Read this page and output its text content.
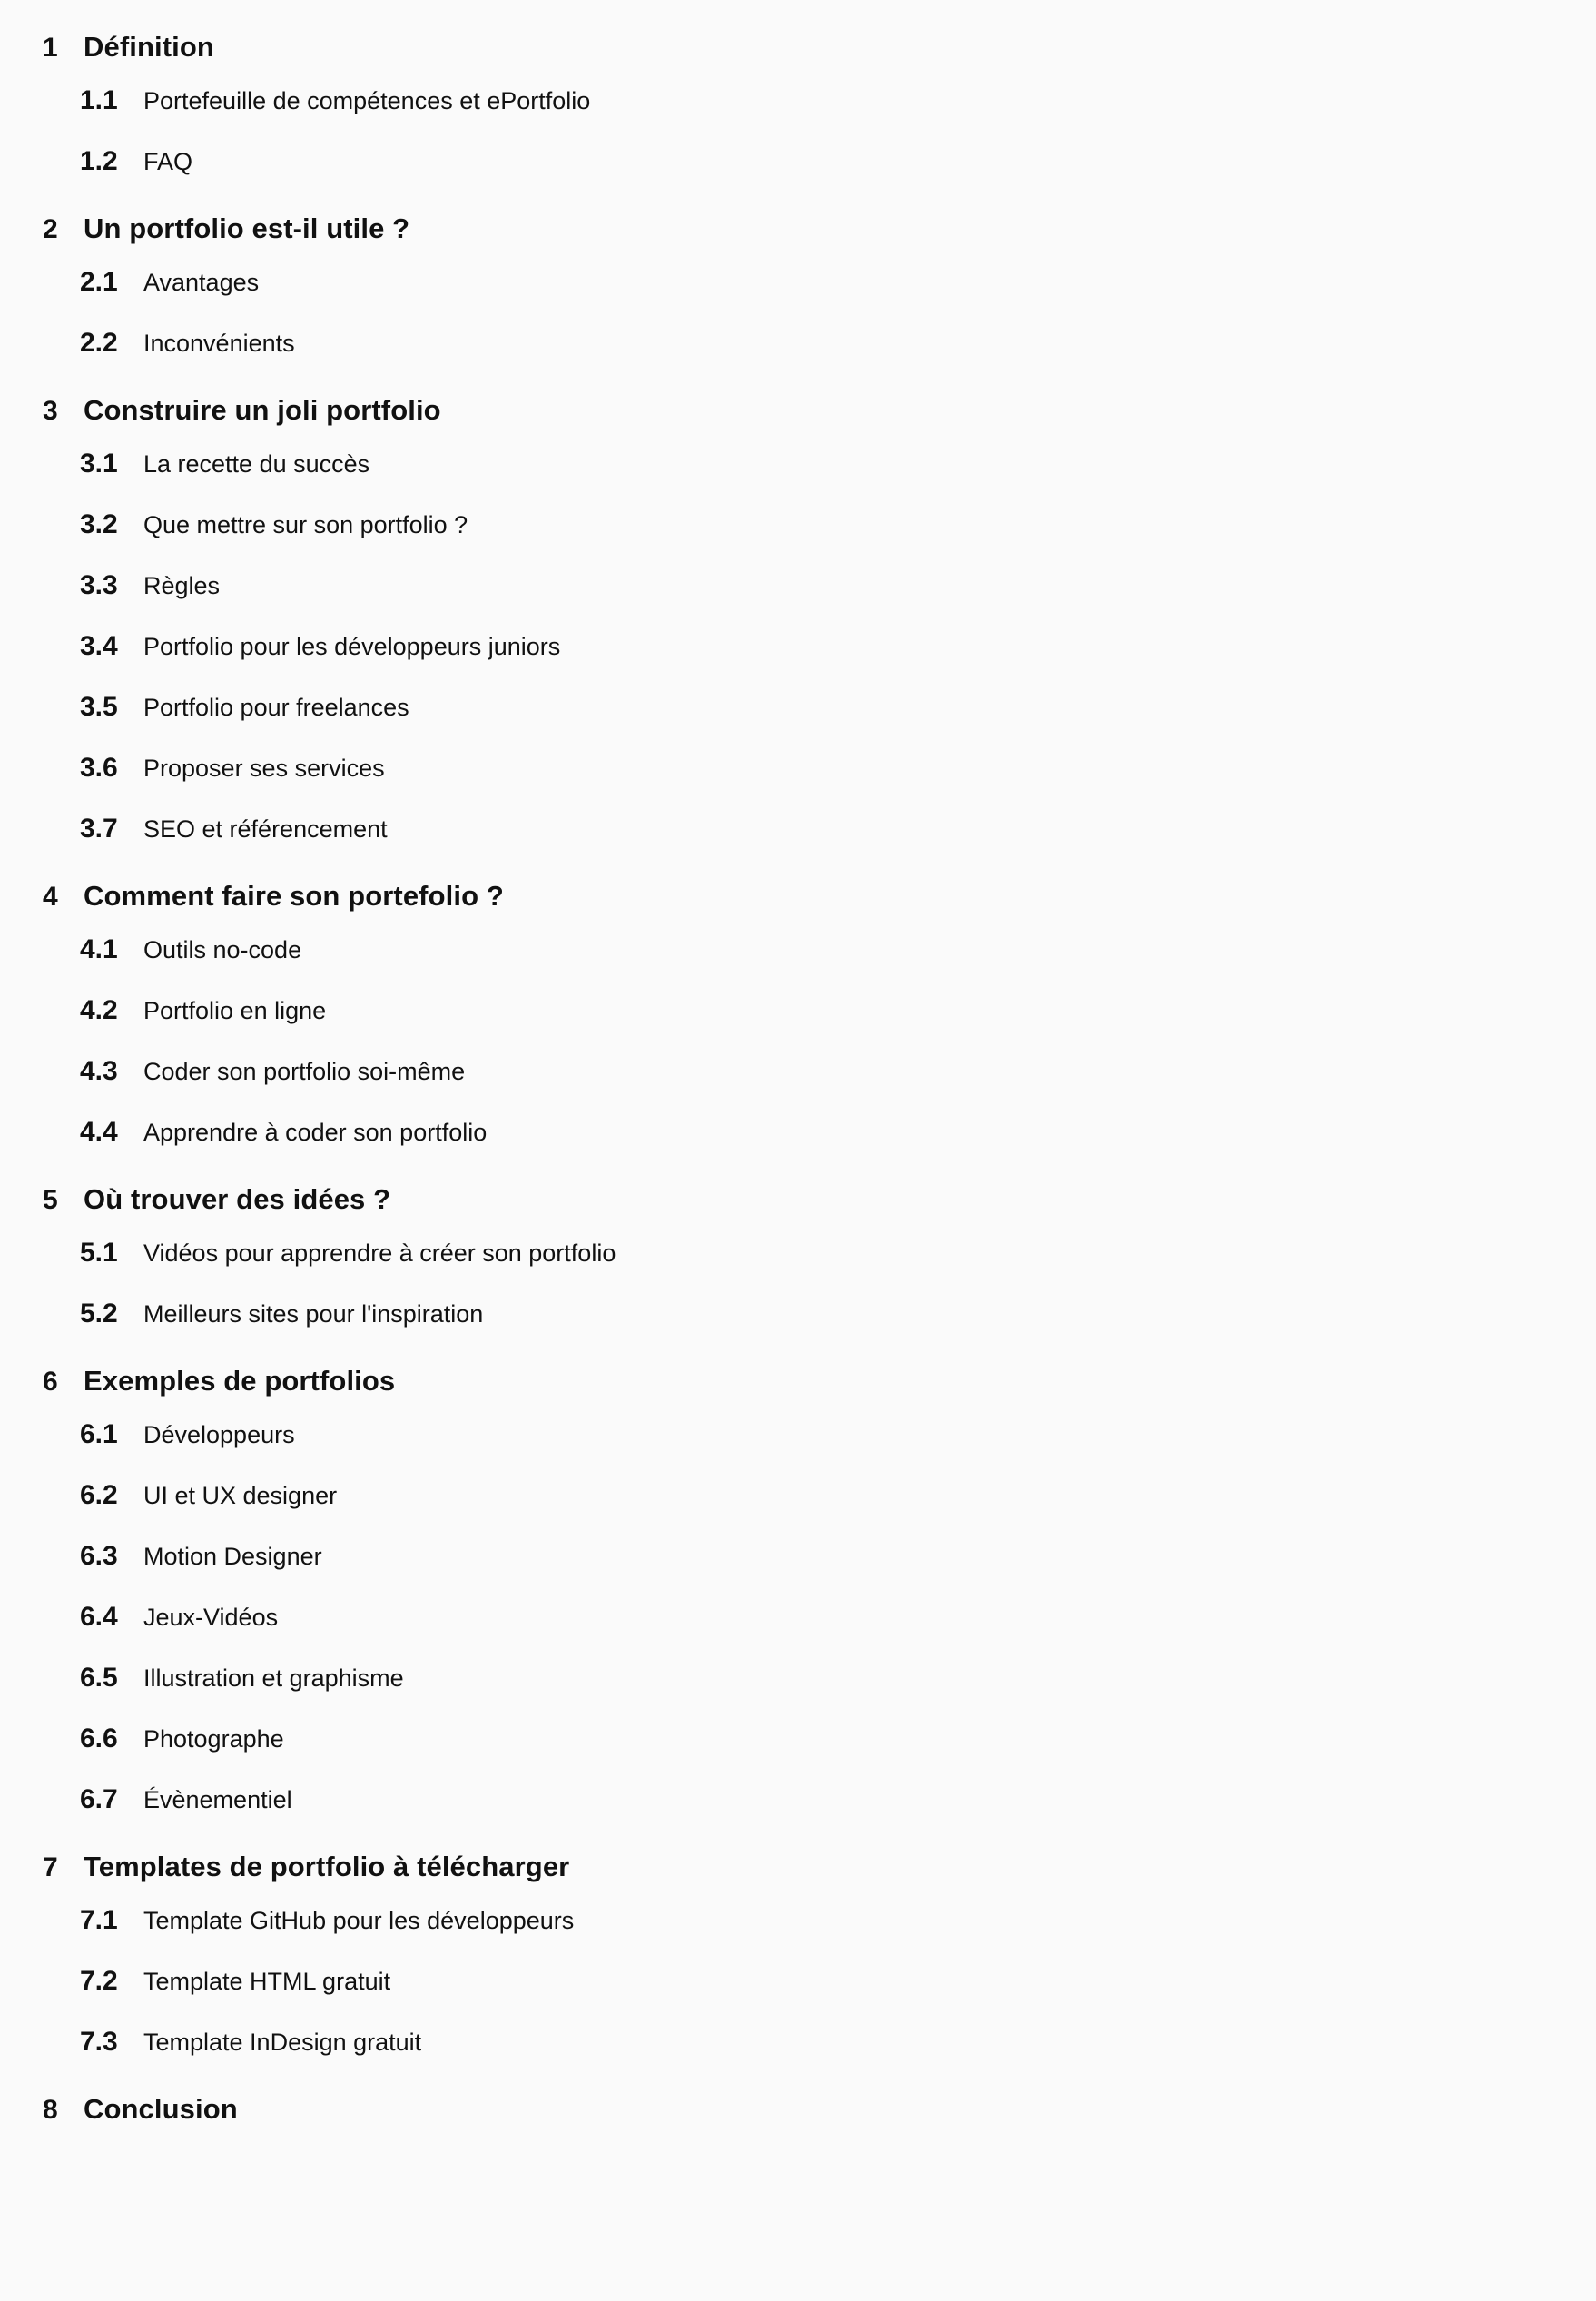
1 Définition
1.1	Portefeuille de compétences et ePortfolio
1.2	FAQ
2 Un portfolio est-il utile ?
2.1	Avantages
2.2	Inconvénients
3 Construire un joli portfolio
3.1	La recette du succès
3.2	Que mettre sur son portfolio ?
3.3	Règles
3.4	Portfolio pour les développeurs juniors
3.5	Portfolio pour freelances
3.6	Proposer ses services
3.7	SEO et référencement
4 Comment faire son portefolio ?
4.1	Outils no-code
4.2	Portfolio en ligne
4.3	Coder son portfolio soi-même
4.4	Apprendre à coder son portfolio
5 Où trouver des idées ?
5.1	Vidéos pour apprendre à créer son portfolio
5.2	Meilleurs sites pour l'inspiration
6 Exemples de portfolios
6.1	Développeurs
6.2	UI et UX designer
6.3	Motion Designer
6.4	Jeux-Vidéos
6.5	Illustration et graphisme
6.6	Photographe
6.7	Évènementiel
7 Templates de portfolio à télécharger
7.1	Template GitHub pour les développeurs
7.2	Template HTML gratuit
7.3	Template InDesign gratuit
8 Conclusion
